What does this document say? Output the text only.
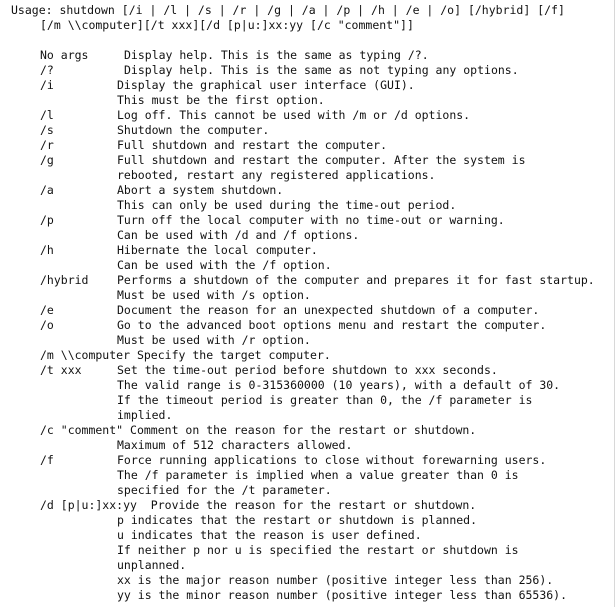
Usage: shutdown [/i | /l | /s | /r | /g | /a | /p | /h | /e | /o] [/hybrid] [/f]
[/m \\computer][/t xxx][/d [p|u:]xx:yy [/c "comment"]]
No args	Display help. This is the same as typing /?.
/?	Display help. This is the same as not typing any options.
/i	Display the graphical user interface (GUI).
This must be the first option.
/l	Log off. This cannot be used with /m or /d options.
/s	Shutdown the computer.
/r	Full shutdown and restart the computer.
/g	Full shutdown and restart the computer. After the system is
rebooted, restart any registered applications.
/a	Abort a system shutdown.
This can only be used during the time-out period.
/p	Turn off the local computer with no time-out or warning.
Can be used with /d and /f options.
/h	Hibernate the local computer.
Can be used with the /f option.
/hybrid Performs a shutdown of the computer and prepares it for fast startup.
Must be used with /s option.
/e	Document the reason for an unexpected shutdown of a computer.
/o	Go to the advanced boot options menu and restart the computer.
Must be used with /r option.
/m \\computer Specify the target computer.
/t xxx	Set the time-out period before shutdown to xxx seconds.
The valid range is 0-315360000 (10 years), with a default of 30.
If the timeout period is greater than 0, the /f parameter is
implied.
/c "comment" Comment on the reason for the restart or shutdown.
Maximum of 512 characters allowed.
/f	Force running applications to close without forewarning users.
The /f parameter is implied when a value greater than 0 is
specified for the /t parameter.
/d [p|u:]xx:yy Provide the reason for the restart or shutdown.
p indicates that the restart or shutdown is planned.
u indicates that the reason is user defined.
If neither p nor u is specified the restart or shutdown is
unplanned.
xx is the major reason number (positive integer less than 256).
yy is the minor reason number (positive integer less than 65536).
